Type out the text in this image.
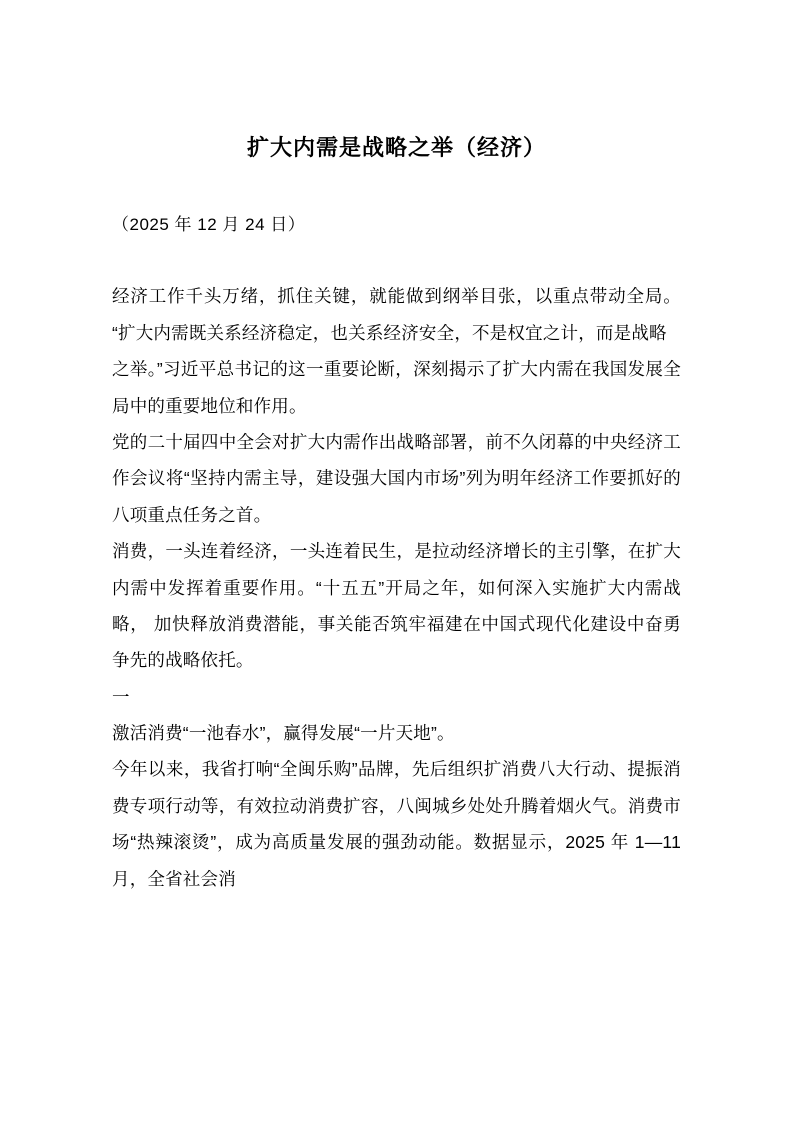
扩大内需是战略之举（经济）
（2025 年 12 月 24 日）

经济工作千头万绪，抓住关键，就能做到纲举目张，以重点带动全局。 “扩大内需既关系经济稳定，也关系经济安全，不是权宜之计，而是战略

之举。”习近平总书记的这一重要论断，深刻揭示了扩大内需在我国发展全局中的重要地位和作用。

党的二十届四中全会对扩大内需作出战略部署，前不久闭幕的中央经济工作会议将“坚持内需主导，建设强大国内市场”列为明年经济工作要抓好的八项重点任务之首。

消费，一头连着经济，一头连着民生，是拉动经济增长的主引擎，在扩大内需中发挥着重要作用。“十五五”开局之年，如何深入实施扩大内需战略， 加快释放消费潜能，事关能否筑牢福建在中国式现代化建设中奋勇争先的战略依托。

一

激活消费“一池春水”，赢得发展“一片天地”。

今年以来，我省打响“全闽乐购”品牌，先后组织扩消费八大行动、提振消费专项行动等，有效拉动消费扩容，八闽城乡处处升腾着烟火气。消费市场“热辣滚烫”，成为高质量发展的强劲动能。数据显示，2025 年 1—11 月，全省社会消
